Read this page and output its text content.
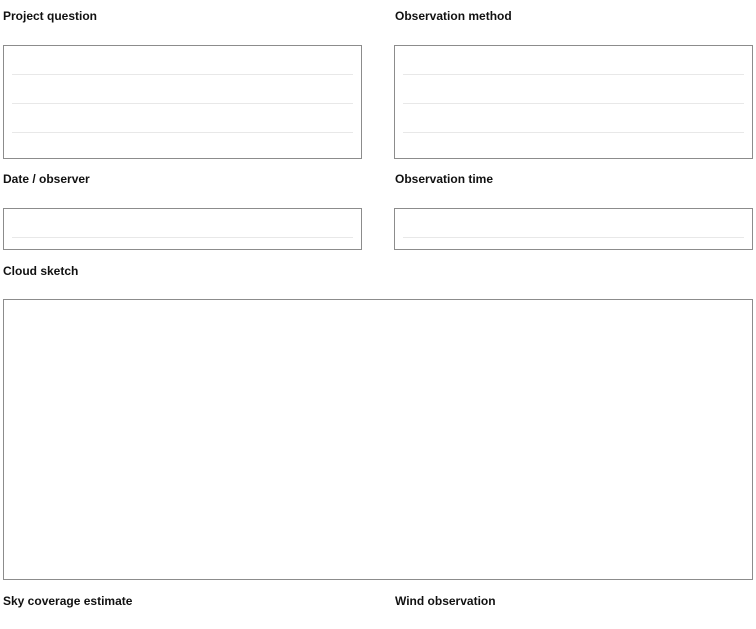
Project question	Observation method
Date / observer	Observation time
Cloud sketch
Sky coverage estimate	Wind observation
